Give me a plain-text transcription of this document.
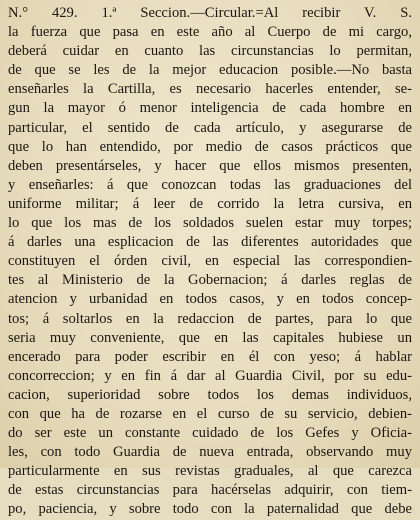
N.° 429. 1.ª Seccion.—Circular.=Al recibir V. S.
la fuerza que pasa en este año al Cuerpo de mi cargo,
deberá cuidar en cuanto las circunstancias lo permitan,
de que se les de la mejor educacion posible.—No basta
enseñarles la Cartilla, es necesario hacerles entender, se-
gun la mayor ó menor inteligencia de cada hombre en
particular, el sentido de cada artículo, y asegurarse de
que lo han entendido, por medio de casos prácticos que
deben presentárseles, y hacer que ellos mismos presenten,
y enseñarles: á que conozcan todas las graduaciones del
uniforme militar; á leer de corrido la letra cursiva, en
lo que los mas de los soldados suelen estar muy torpes;
á darles una esplicacion de las diferentes autoridades que
constituyen el órden civil, en especial las correspondien-
tes al Ministerio de la Gobernacion; á darles reglas de
atencion y urbanidad en todos casos, y en todos concep-
tos; á soltarlos en la redaccion de partes, para lo que
seria muy conveniente, que en las capitales hubiese un
encerado para poder escribir en él con yeso; á hablar
concorreccion; y en fin á dar al Guardia Civil, por su edu-
cacion, superioridad sobre todos los demas individuos,
con que ha de rozarse en el curso de su servicio, debien-
do ser este un constante cuidado de los Gefes y Oficia-
les, con todo Guardia de nueva entrada, observando muy
particularmente en sus revistas graduales, al que carezca
de estas circunstancias para hacérselas adquirir, con tiem-
po, paciencia, y sobre todo con la paternalidad que debe
